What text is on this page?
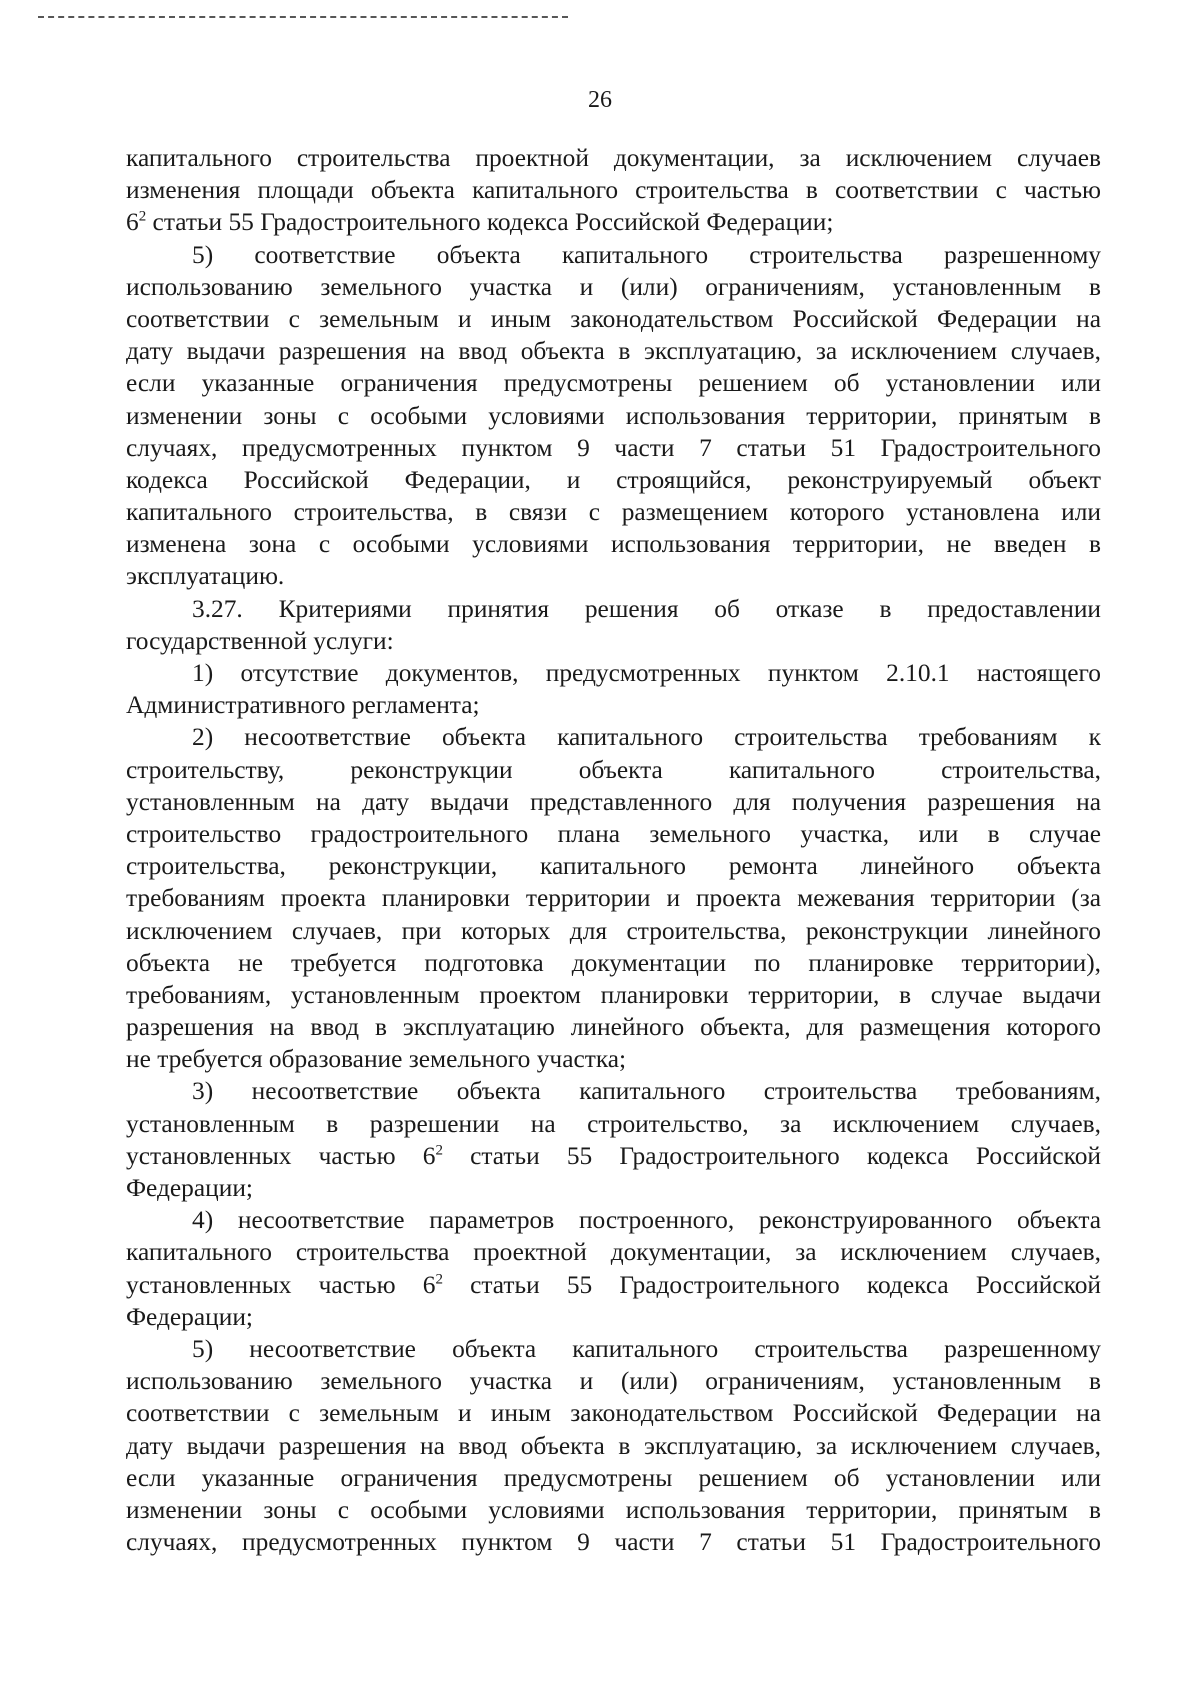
26
капитального строительства проектной документации, за исключением случаев
изменения площади объекта капитального строительства в соответствии с частью
$6^2$ статьи 55 Градостроительного кодекса Российской Федерации;
5) соответствие объекта капитального строительства разрешенному
использованию земельного участка и (или) ограничениям, установленным в
соответствии с земельным и иным законодательством Российской Федерации на
дату выдачи разрешения на ввод объекта в эксплуатацию, за исключением случаев,
если указанные ограничения предусмотрены решением об установлении или
изменении зоны с особыми условиями использования территории, принятым в
случаях, предусмотренных пунктом 9 части 7 статьи 51 Градостроительного
кодекса Российской Федерации, и строящийся, реконструируемый объект
капитального строительства, в связи с размещением которого установлена или
изменена зона с особыми условиями использования территории, не введен в
эксплуатацию.
3.27. Критериями принятия решения об отказе в предоставлении
государственной услуги:
1) отсутствие документов, предусмотренных пунктом 2.10.1 настоящего
Административного регламента;
2) несоответствие объекта капитального строительства требованиям к
строительству, реконструкции объекта капитального строительства,
установленным на дату выдачи представленного для получения разрешения на
строительство градостроительного плана земельного участка, или в случае
строительства, реконструкции, капитального ремонта линейного объекта
требованиям проекта планировки территории и проекта межевания территории (за
исключением случаев, при которых для строительства, реконструкции линейного
объекта не требуется подготовка документации по планировке территории),
требованиям, установленным проектом планировки территории, в случае выдачи
разрешения на ввод в эксплуатацию линейного объекта, для размещения которого
не требуется образование земельного участка;
3) несоответствие объекта капитального строительства требованиям,
установленным в разрешении на строительство, за исключением случаев,
установленных частью $6^2$ статьи 55 Градостроительного кодекса Российской
Федерации;
4) несоответствие параметров построенного, реконструированного объекта
капитального строительства проектной документации, за исключением случаев,
установленных частью $6^2$ статьи 55 Градостроительного кодекса Российской
Федерации;
5) несоответствие объекта капитального строительства разрешенному
использованию земельного участка и (или) ограничениям, установленным в
соответствии с земельным и иным законодательством Российской Федерации на
дату выдачи разрешения на ввод объекта в эксплуатацию, за исключением случаев,
если указанные ограничения предусмотрены решением об установлении или
изменении зоны с особыми условиями использования территории, принятым в
случаях, предусмотренных пунктом 9 части 7 статьи 51 Градостроительного
